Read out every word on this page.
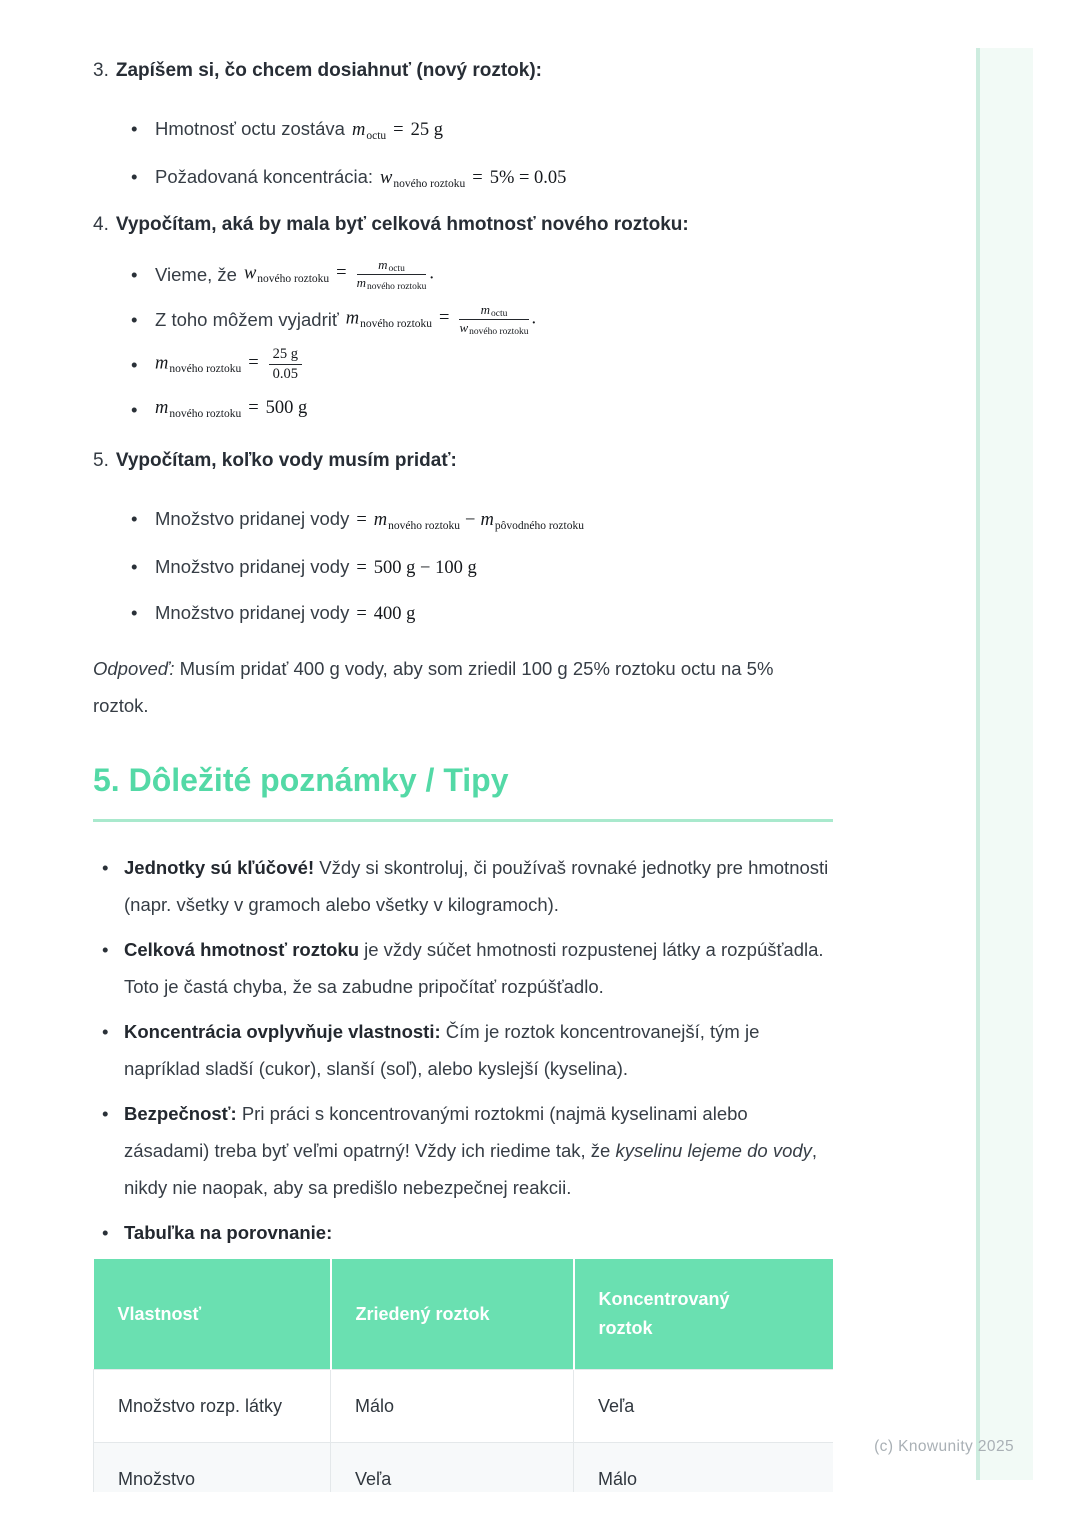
(c) Knowunity 2025
3. Zapíšem si, čo chcem dosiahnuť (nový roztok):
• Hmotnosť octu zostáva $m_{octu} = 25$ g
• Požadovaná koncentrácia: $w_{nového roztoku} = 5\% = 0.05$
4. Vypočítam, aká by mala byť celková hmotnosť nového roztoku:
• Vieme, že $w_{nového roztoku} = \frac{\text{moctu}}{\text{mnového roztoku}}$ .
• Z toho môžem vyjadriť $m_{nového roztoku} = \frac{\text{moctu}}{\text{wnového roztoku}}$ .
• $m_{nového roztoku} = \frac{25 g}{0.05}$
• $m_{nového roztoku} = 500$ g
5. Vypočítam, koľko vody musím pridať:
• Množstvo pridanej vody = $m_{nového roztoku} - m_{pôvodného roztoku}$
• Množstvo pridanej vody = 500 g − 100 g
• Množstvo pridanej vody = 400 g

Odpoveď: Musím pridať 400 g vody, aby som zriedil 100 g 25% roztoku octu na 5% roztok.

5. Dôležité poznámky / Tipy
• Jednotky sú kľúčové! Vždy si skontroluj, či používaš rovnaké jednotky pre hmotnosti (napr. všetky v gramoch alebo všetky v kilogramoch).
• Celková hmotnosť roztoku je vždy súčet hmotnosti rozpustenej látky a rozpúšťadla. Toto je častá chyba, že sa zabudne pripočítať rozpúšťadlo.
• Koncentrácia ovplyvňuje vlastnosti: Čím je roztok koncentrovanejší, tým je napríklad sladší (cukor), slanší (soľ), alebo kyslejší (kyselina).
• Bezpečnosť: Pri práci s koncentrovanými roztokmi (najmä kyselinami alebo zásadami) treba byť veľmi opatrný! Vždy ich riedime tak, že kyselinu lejeme do vody, nikdy nie naopak, aby sa predišlo nebezpečnej reakcii.
• Tabuľka na porovnanie:
Vlastnosť	Zriedený roztok	Koncentrovaný roztok
Množstvo rozp. látky	Málo	Veľa
Množstvo	Veľa	Málo
